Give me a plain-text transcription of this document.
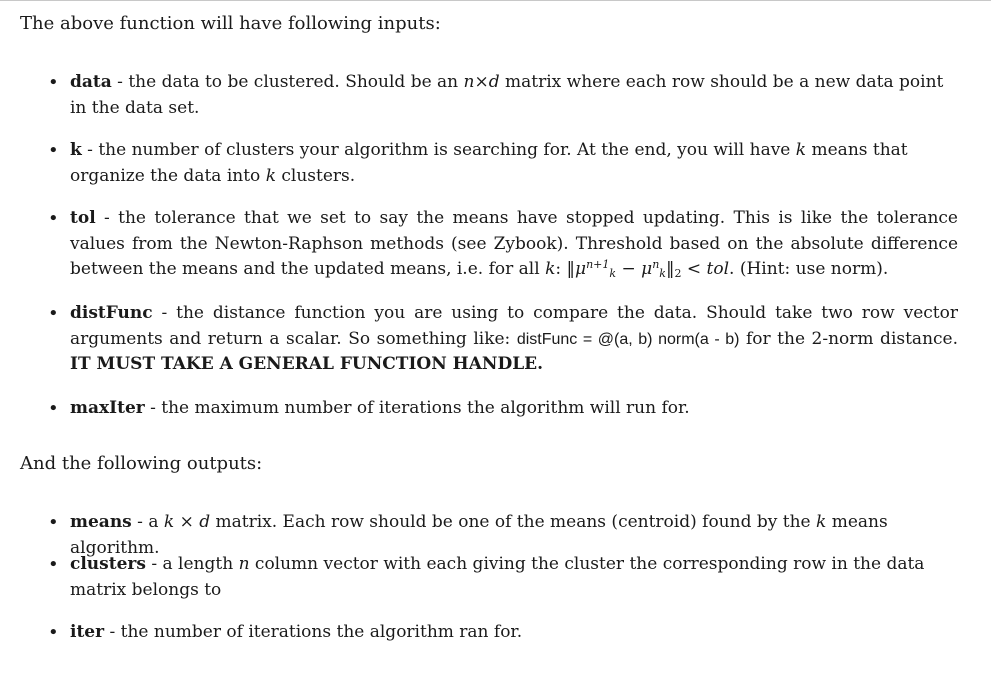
The above function will have following inputs:
• data - the data to be clustered. Should be an n×d matrix where each row should be a new data point in the data set.
• k - the number of clusters your algorithm is searching for. At the end, you will have k means that organize the data into k clusters.
• tol - the tolerance that we set to say the means have stopped updating. This is like the tolerance values from the Newton-Raphson methods (see Zybook). Threshold based on the absolute difference between the means and the updated means, i.e. for all k: $‖\mu^{n+1}_k$ − $\mu^n_k‖_2$ < tol. (Hint: use norm).
• distFunc - the distance function you are using to compare the data. Should take two row vector arguments and return a scalar. So something like: distFunc = @(a, b) norm(a - b) for the 2-norm distance. IT MUST TAKE A GENERAL FUNCTION HANDLE.
• maxIter - the maximum number of iterations the algorithm will run for.
And the following outputs:
• means - a k × d matrix. Each row should be one of the means (centroid) found by the k means algorithm.
• clusters - a length n column vector with each giving the cluster the corresponding row in the data matrix belongs to
• iter - the number of iterations the algorithm ran for.
